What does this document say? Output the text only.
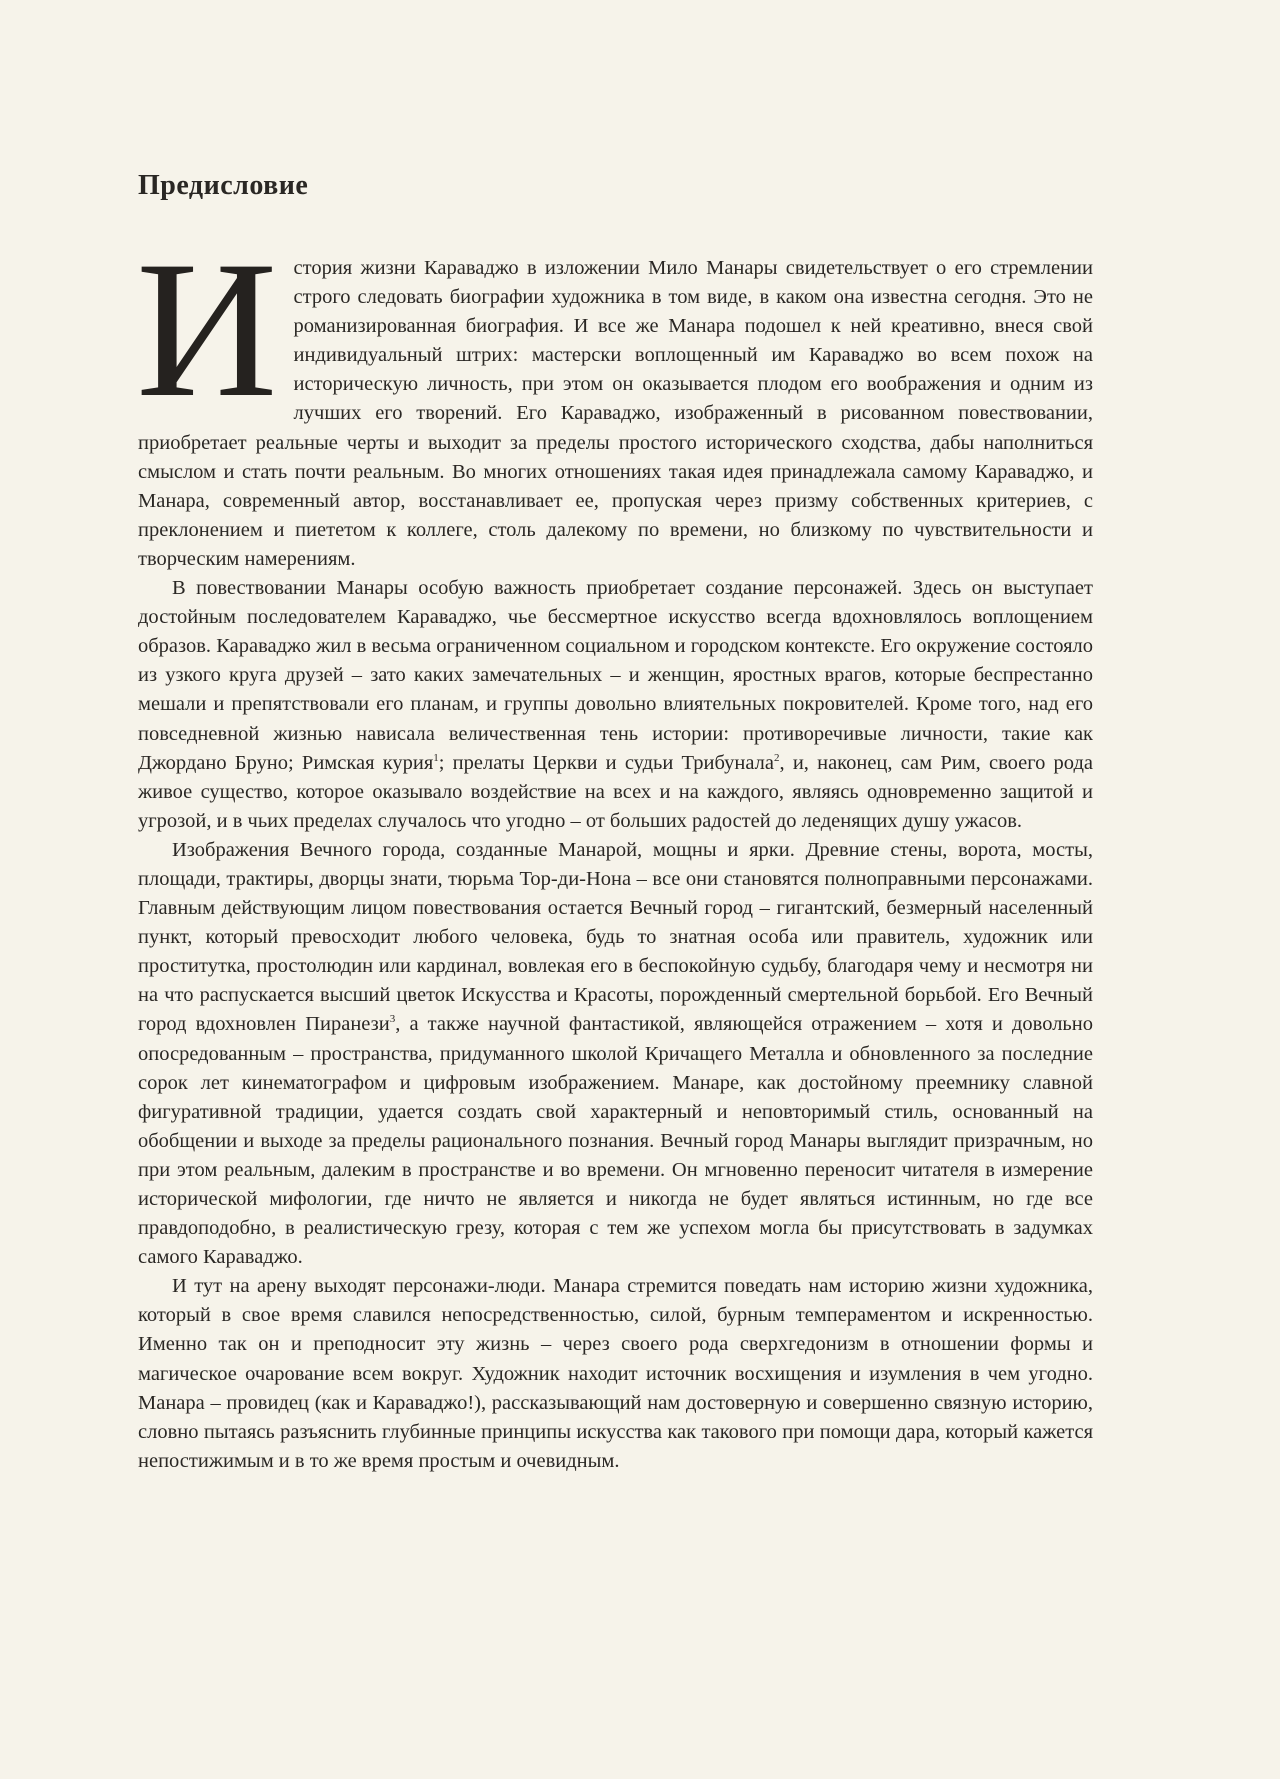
Предисловие

История жизни Караваджо в изложении Мило Манары свидетельствует о его стремлении строго следовать биографии художника в том виде, в каком она известна сегодня. Это не романизированная биография. И все же Манара подошел к ней креативно, внеся свой индивидуальный штрих: мастерски воплощенный им Караваджо во всем похож на историческую личность, при этом он оказывается плодом его воображения и одним из лучших его творений. Его Караваджо, изображенный в рисованном повествовании, приобретает реальные черты и выходит за пределы простого исторического сходства, дабы наполниться смыслом и стать почти реальным. Во многих отношениях такая идея принадлежала самому Караваджо, и Манара, современный автор, восстанавливает ее, пропуская через призму собственных критериев, с преклонением и пиететом к коллеге, столь далекому по времени, но близкому по чувствительности и творческим намерениям.

В повествовании Манары особую важность приобретает создание персонажей. Здесь он выступает достойным последователем Караваджо, чье бессмертное искусство всегда вдохновлялось воплощением образов. Караваджо жил в весьма ограниченном социальном и городском контексте. Его окружение состояло из узкого круга друзей – зато каких замечательных – и женщин, яростных врагов, которые беспрестанно мешали и препятствовали его планам, и группы довольно влиятельных покровителей. Кроме того, над его повседневной жизнью нависала величественная тень истории: противоречивые личности, такие как Джордано Бруно; Римская курия$^1$; прелаты Церкви и судьи Трибунала$^2$, и, наконец, сам Рим, своего рода живое существо, которое оказывало воздействие на всех и на каждого, являясь одновременно защитой и угрозой, и в чьих пределах случалось что угодно – от больших радостей до леденящих душу ужасов.

Изображения Вечного города, созданные Манарой, мощны и ярки. Древние стены, ворота, мосты, площади, трактиры, дворцы знати, тюрьма Тор-ди-Нона – все они становятся полноправными персонажами. Главным действующим лицом повествования остается Вечный город – гигантский, безмерный населенный пункт, который превосходит любого человека, будь то знатная особа или правитель, художник или проститутка, простолюдин или кардинал, вовлекая его в беспокойную судьбу, благодаря чему и несмотря ни на что распускается высший цветок Искусства и Красоты, порожденный смертельной борьбой. Его Вечный город вдохновлен Пиранези$^3$, а также научной фантастикой, являющейся отражением – хотя и довольно опосредованным – пространства, придуманного школой Кричащего Металла и обновленного за последние сорок лет кинематографом и цифровым изображением. Манаре, как достойному преемнику славной фигуративной традиции, удается создать свой характерный и неповторимый стиль, основанный на обобщении и выходе за пределы рационального познания. Вечный город Манары выглядит призрачным, но при этом реальным, далеким в пространстве и во времени. Он мгновенно переносит читателя в измерение исторической мифологии, где ничто не является и никогда не будет являться истинным, но где все правдоподобно, в реалистическую грезу, которая с тем же успехом могла бы присутствовать в задумках самого Караваджо.

И тут на арену выходят персонажи-люди. Манара стремится поведать нам историю жизни художника, который в свое время славился непосредственностью, силой, бурным темпераментом и искренностью. Именно так он и преподносит эту жизнь – через своего рода сверхгедонизм в отношении формы и магическое очарование всем вокруг. Художник находит источник восхищения и изумления в чем угодно. Манара – провидец (как и Караваджо!), рассказывающий нам достоверную и совершенно связную историю, словно пытаясь разъяснить глубинные принципы искусства как такового при помощи дара, который кажется непостижимым и в то же время простым и очевидным.
